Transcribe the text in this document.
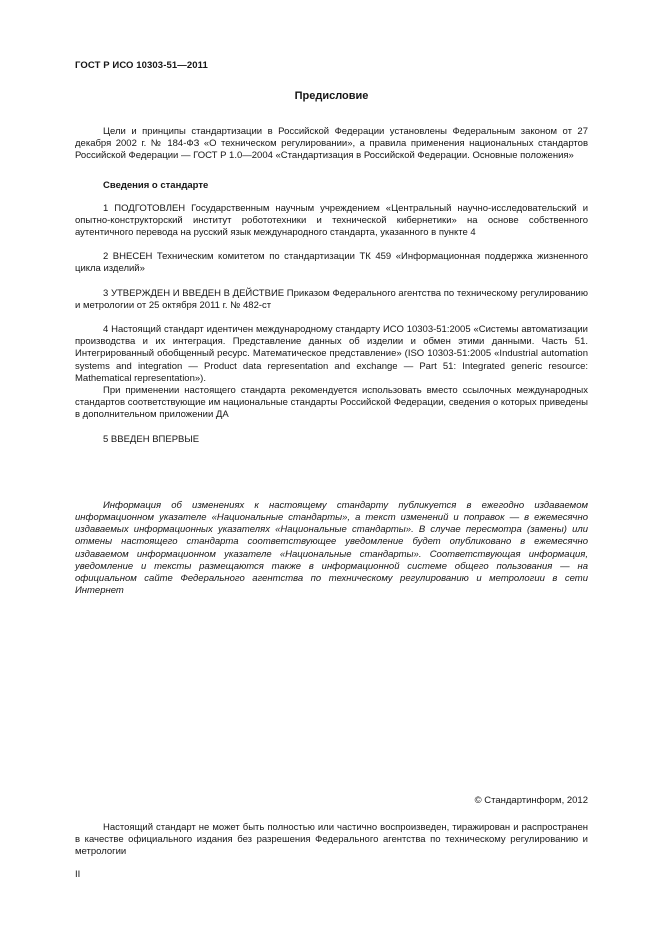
ГОСТ Р ИСО 10303-51—2011
Предисловие

Цели и принципы стандартизации в Российской Федерации установлены Федеральным законом от 27 декабря 2002 г. № 184-ФЗ «О техническом регулировании», а правила применения национальных стандартов Российской Федерации — ГОСТ Р 1.0—2004 «Стандартизация в Российской Федерации. Основные положения»

Сведения о стандарте

1 ПОДГОТОВЛЕН Государственным научным учреждением «Центральный научно-исследовательский и опытно-конструкторский институт робототехники и технической кибернетики» на основе собственного аутентичного перевода на русский язык международного стандарта, указанного в пункте 4

2 ВНЕСЕН Техническим комитетом по стандартизации ТК 459 «Информационная поддержка жизненного цикла изделий»

3 УТВЕРЖДЕН И ВВЕДЕН В ДЕЙСТВИЕ Приказом Федерального агентства по техническому регулированию и метрологии от 25 октября 2011 г. № 482-ст

4 Настоящий стандарт идентичен международному стандарту ИСО 10303-51:2005 «Системы автоматизации производства и их интеграция. Представление данных об изделии и обмен этими данными. Часть 51. Интегрированный обобщенный ресурс. Математическое представление» (ISO 10303-51:2005 «Industrial automation systems and integration — Product data representation and exchange — Part 51: Integrated generic resource: Mathematical representation»).

При применении настоящего стандарта рекомендуется использовать вместо ссылочных международных стандартов соответствующие им национальные стандарты Российской Федерации, сведения о которых приведены в дополнительном приложении ДА

5 ВВЕДЕН ВПЕРВЫЕ

Информация об изменениях к настоящему стандарту публикуется в ежегодно издаваемом информационном указателе «Национальные стандарты», а текст изменений и поправок — в ежемесячно издаваемых информационных указателях «Национальные стандарты». В случае пересмотра (замены) или отмены настоящего стандарта соответствующее уведомление будет опубликовано в ежемесячно издаваемом информационном указателе «Национальные стандарты». Соответствующая информация, уведомление и тексты размещаются также в информационной системе общего пользования — на официальном сайте Федерального агентства по техническому регулированию и метрологии в сети Интернет

© Стандартинформ, 2012

Настоящий стандарт не может быть полностью или частично воспроизведен, тиражирован и распространен в качестве официального издания без разрешения Федерального агентства по техническому регулированию и метрологии

II
